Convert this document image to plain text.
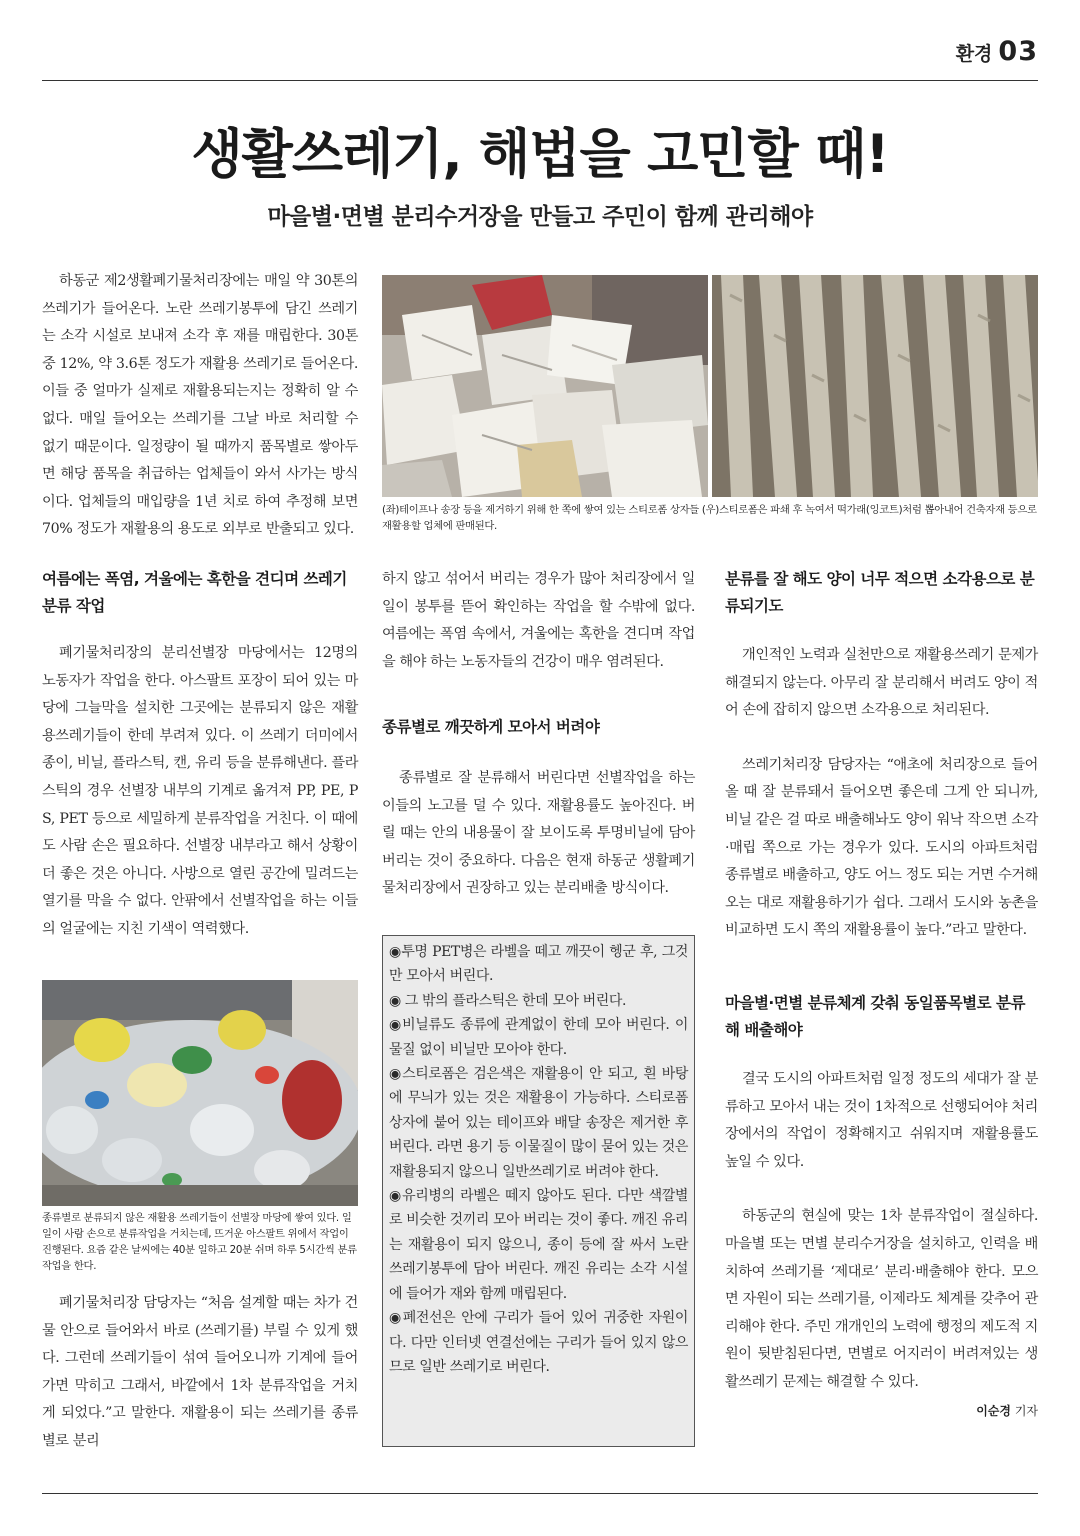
환경 03
생활쓰레기, 해법을 고민할 때!
마을별·면별 분리수거장을 만들고 주민이 함께 관리해야

하동군 제2생활폐기물처리장에는 매일 약 30톤의 쓰레기가 들어온다. 노란 쓰레기봉투에 담긴 쓰레기는 소각 시설로 보내져 소각 후 재를 매립한다. 30톤 중 12%, 약 3.6톤 정도가 재활용 쓰레기로 들어온다. 이들 중 얼마가 실제로 재활용되는지는 정확히 알 수 없다. 매일 들어오는 쓰레기를 그날 바로 처리할 수 없기 때문이다. 일정량이 될 때까지 품목별로 쌓아두면 해당 품목을 취급하는 업체들이 와서 사가는 방식이다. 업체들의 매입량을 1년 치로 하여 추정해 보면 70% 정도가 재활용의 용도로 외부로 반출되고 있다.

(좌)테이프나 송장 등을 제거하기 위해 한 쪽에 쌓여 있는 스티로폼 상자들 (우)스티로폼은 파쇄 후 녹여서 떡가래(잉코트)처럼 뽑아내어 건축자재 등으로 재활용할 업체에 판매된다.
여름에는 폭염, 겨울에는 혹한을 견디며 쓰레기 분류 작업

폐기물처리장의 분리선별장 마당에서는 12명의 노동자가 작업을 한다. 아스팔트 포장이 되어 있는 마당에 그늘막을 설치한 그곳에는 분류되지 않은 재활용쓰레기들이 한데 부려져 있다. 이 쓰레기 더미에서 종이, 비닐, 플라스틱, 캔, 유리 등을 분류해낸다. 플라스틱의 경우 선별장 내부의 기계로 옮겨져 PP, PE, PS, PET 등으로 세밀하게 분류작업을 거친다. 이 때에도 사람 손은 필요하다. 선별장 내부라고 해서 상황이 더 좋은 것은 아니다. 사방으로 열린 공간에 밀려드는 열기를 막을 수 없다. 안팎에서 선별작업을 하는 이들의 얼굴에는 지친 기색이 역력했다.

종류별로 분류되지 않은 재활용 쓰레기들이 선별장 마당에 쌓여 있다. 일일이 사람 손으로 분류작업을 거치는데, 뜨거운 아스팔트 위에서 작업이 진행된다. 요즘 같은 날씨에는 40분 일하고 20분 쉬며 하루 5시간씩 분류작업을 한다.

폐기물처리장 담당자는 “처음 설계할 때는 차가 건물 안으로 들어와서 바로 (쓰레기를) 부릴 수 있게 했다. 그런데 쓰레기들이 섞여 들어오니까 기계에 들어가면 막히고 그래서, 바깥에서 1차 분류작업을 거치게 되었다.”고 말한다. 재활용이 되는 쓰레기를 종류별로 분리

하지 않고 섞어서 버리는 경우가 많아 처리장에서 일일이 봉투를 뜯어 확인하는 작업을 할 수밖에 없다. 여름에는 폭염 속에서, 겨울에는 혹한을 견디며 작업을 해야 하는 노동자들의 건강이 매우 염려된다.

종류별로 깨끗하게 모아서 버려야

종류별로 잘 분류해서 버린다면 선별작업을 하는 이들의 노고를 덜 수 있다. 재활용률도 높아진다. 버릴 때는 안의 내용물이 잘 보이도록 투명비닐에 담아 버리는 것이 중요하다. 다음은 현재 하동군 생활폐기물처리장에서 권장하고 있는 분리배출 방식이다.

◉투명 PET병은 라벨을 떼고 깨끗이 헹군 후, 그것만 모아서 버린다.
◉ 그 밖의 플라스틱은 한데 모아 버린다.
◉비닐류도 종류에 관계없이 한데 모아 버린다. 이물질 없이 비닐만 모아야 한다.
◉스티로폼은 검은색은 재활용이 안 되고, 흰 바탕에 무늬가 있는 것은 재활용이 가능하다. 스티로폼 상자에 붙어 있는 테이프와 배달 송장은 제거한 후 버린다. 라면 용기 등 이물질이 많이 묻어 있는 것은 재활용되지 않으니 일반쓰레기로 버려야 한다.
◉유리병의 라벨은 떼지 않아도 된다. 다만 색깔별로 비슷한 것끼리 모아 버리는 것이 좋다. 깨진 유리는 재활용이 되지 않으니, 종이 등에 잘 싸서 노란 쓰레기봉투에 담아 버린다. 깨진 유리는 소각 시설에 들어가 재와 함께 매립된다.
◉폐전선은 안에 구리가 들어 있어 귀중한 자원이다. 다만 인터넷 연결선에는 구리가 들어 있지 않으므로 일반 쓰레기로 버린다.
분류를 잘 해도 양이 너무 적으면 소각용으로 분류되기도

개인적인 노력과 실천만으로 재활용쓰레기 문제가 해결되지 않는다. 아무리 잘 분리해서 버려도 양이 적어 손에 잡히지 않으면 소각용으로 처리된다.

쓰레기처리장 담당자는 “애초에 처리장으로 들어올 때 잘 분류돼서 들어오면 좋은데 그게 안 되니까, 비닐 같은 걸 따로 배출해놔도 양이 워낙 작으면 소각·매립 쪽으로 가는 경우가 있다. 도시의 아파트처럼 종류별로 배출하고, 양도 어느 정도 되는 거면 수거해오는 대로 재활용하기가 쉽다. 그래서 도시와 농촌을 비교하면 도시 쪽의 재활용률이 높다.”라고 말한다.

마을별·면별 분류체계 갖춰 동일품목별로 분류해 배출해야

결국 도시의 아파트처럼 일정 정도의 세대가 잘 분류하고 모아서 내는 것이 1차적으로 선행되어야 처리장에서의 작업이 정확해지고 쉬워지며 재활용률도 높일 수 있다.

하동군의 현실에 맞는 1차 분류작업이 절실하다. 마을별 또는 면별 분리수거장을 설치하고, 인력을 배치하여 쓰레기를 ‘제대로’ 분리·배출해야 한다. 모으면 자원이 되는 쓰레기를, 이제라도 체계를 갖추어 관리해야 한다. 주민 개개인의 노력에 행정의 제도적 지원이 뒷받침된다면, 면별로 어지러이 버려져있는 생활쓰레기 문제는 해결할 수 있다.

이순경 기자
